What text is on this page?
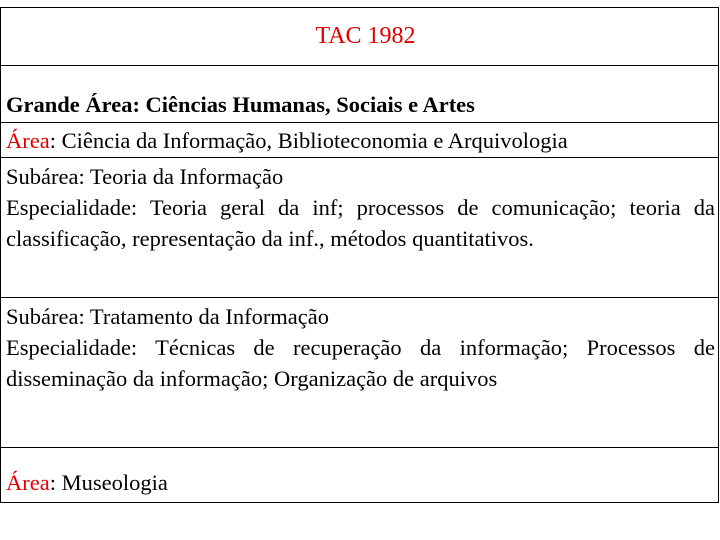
TAC 1982
Grande Área: Ciências Humanas, Sociais e Artes
Área: Ciência da Informação, Biblioteconomia e Arquivologia
Subárea: Teoria da Informação
Especialidade: Teoria geral da inf; processos de comunicação; teoria da classificação, representação da inf., métodos quantitativos.
Subárea: Tratamento da Informação
Especialidade: Técnicas de recuperação da informação; Processos de disseminação da informação; Organização de arquivos
Área: Museologia
